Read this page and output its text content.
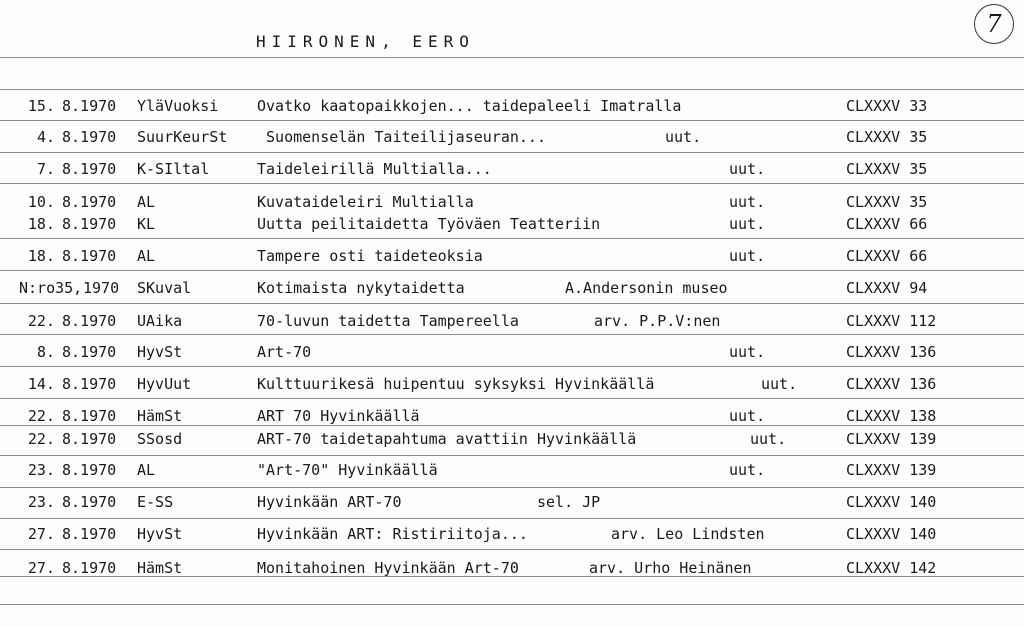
HIIRONEN, EERO
7
15. 8.1970 YläVuoksi	Ovatko kaatopaikkojen... taidepaleeli Imatralla	CLXXXV 33
4. 8.1970 SuurKeurSt Suomenselän Taiteilijaseuran...	uut.	CLXXXV 35
7. 8.1970 K-SIltal	Taideleirillä Multialla...	uut.	CLXXXV 35
10. 8.1970 AL	Kuvataideleiri Multialla	uut.	CLXXXV 35
18. 8.1970 KL	Uutta peilitaidetta Työväen Teatteriin	uut.	CLXXXV 66
18. 8.1970 AL	Tampere osti taideteoksia	uut.	CLXXXV 66
N:ro35, 1970 SKuval	Kotimaista nykytaidetta	A.Andersonin museo	CLXXXV 94
22. 8.1970 UAika	70-luvun taidetta Tampereella	arv. P.P.V:nen	CLXXXV 112
8. 8.1970 HyvSt	Art-70	uut.	CLXXXV 136
14. 8.1970 HyvUut	Kulttuurikesä huipentuu syksyksi Hyvinkäällä	uut.	CLXXXV 136
22. 8.1970 HämSt	ART 70 Hyvinkäällä	uut.	CLXXXV 138
22. 8.1970 SSosd	ART-70 taidetapahtuma avattiin Hyvinkäällä	uut.	CLXXXV 139
23. 8.1970 AL	"Art-70" Hyvinkäällä	uut.	CLXXXV 139
23. 8.1970 E-SS	Hyvinkään ART-70	sel. JP	CLXXXV 140
27. 8.1970 HyvSt	Hyvinkään ART: Ristiriitoja...	arv. Leo Lindsten	CLXXXV 140
27. 8.1970 HämSt	Monitahoinen Hyvinkään Art-70	arv. Urho Heinänen	CLXXXV 142
